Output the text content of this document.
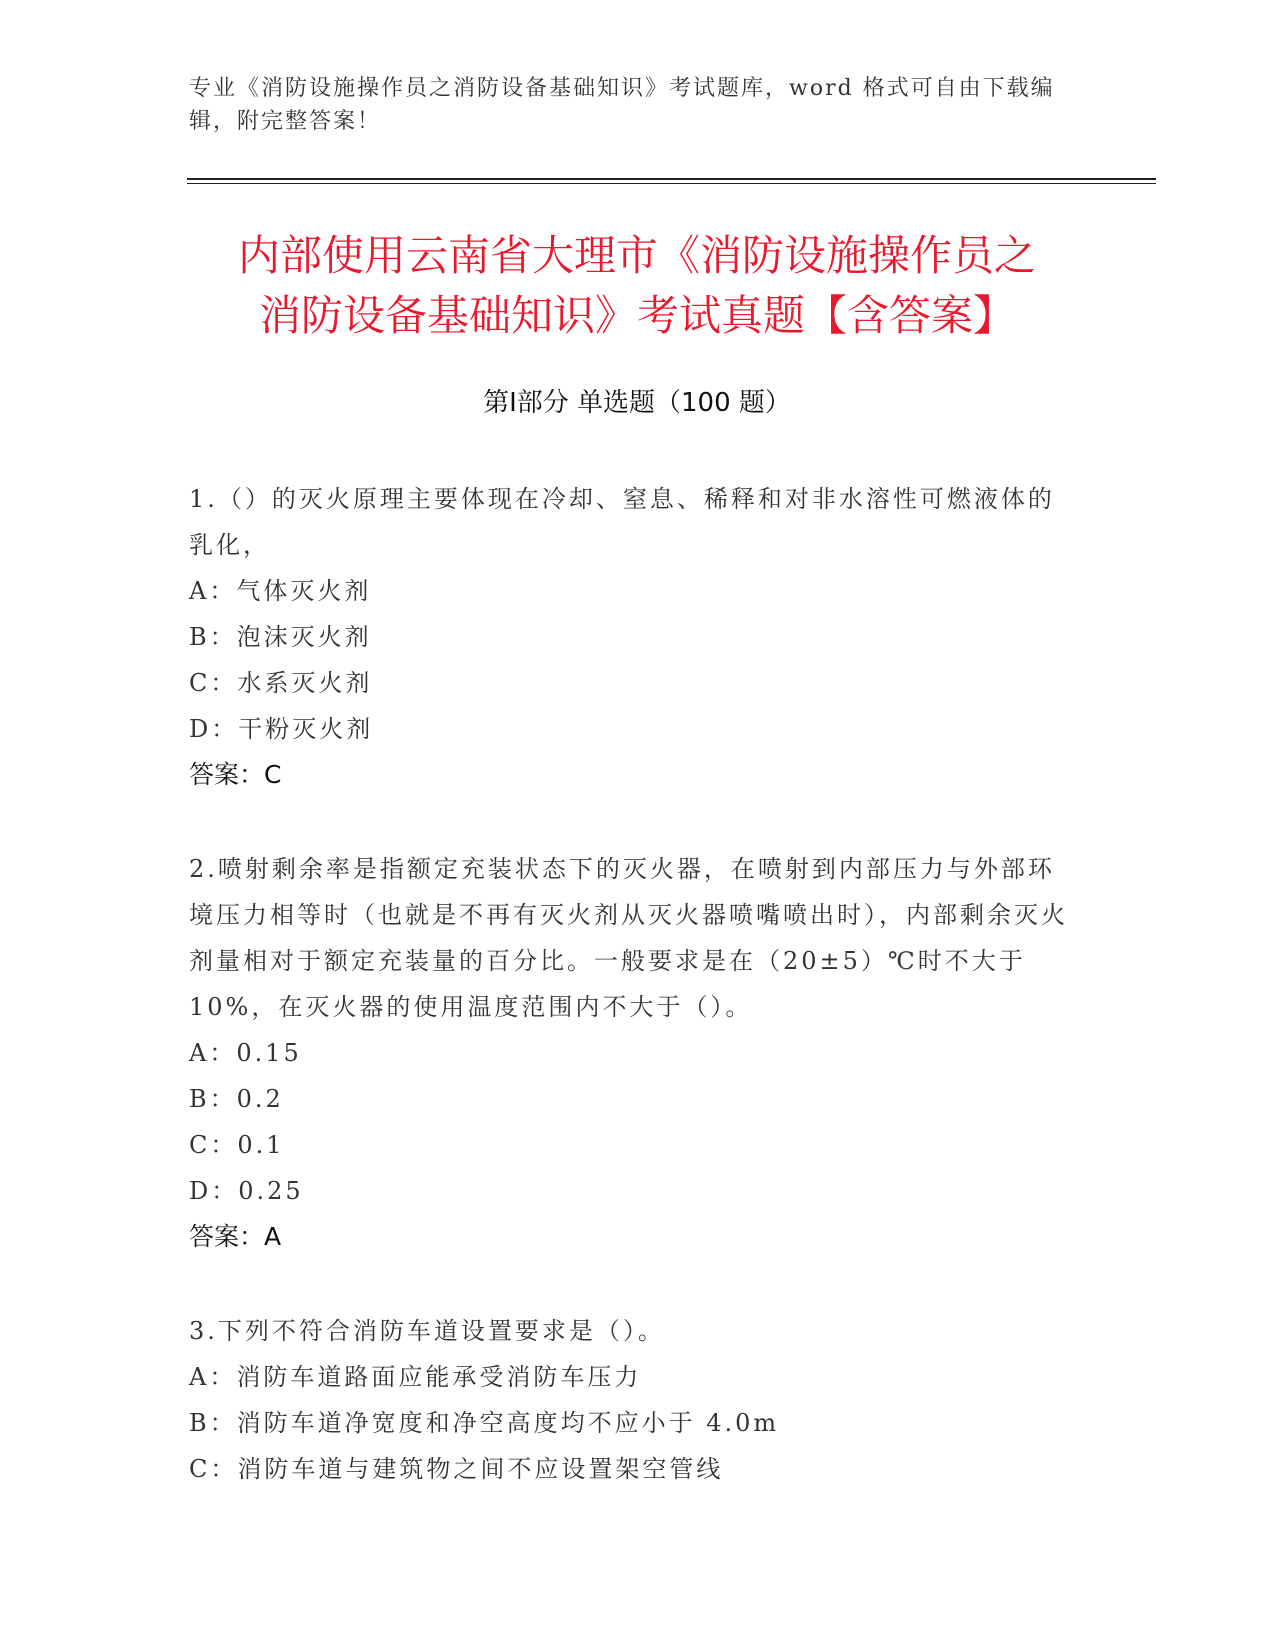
专业《消防设施操作员之消防设备基础知识》考试题库，word 格式可自由下载编辑，附完整答案！
内部使用云南省大理市《消防设施操作员之
消防设备基础知识》考试真题【含答案】
第Ⅰ部分 单选题（100 题）
1.（）的灭火原理主要体现在冷却、窒息、稀释和对非水溶性可燃液体的乳化，
A：气体灭火剂
B：泡沫灭火剂
C：水系灭火剂
D：干粉灭火剂
答案：C
2.喷射剩余率是指额定充装状态下的灭火器，在喷射到内部压力与外部环境压力相等时（也就是不再有灭火剂从灭火器喷嘴喷出时），内部剩余灭火剂量相对于额定充装量的百分比。一般要求是在（20±5）℃时不大于 10%，在灭火器的使用温度范围内不大于（）。
A：0.15
B：0.2
C：0.1
D：0.25
答案：A
3.下列不符合消防车道设置要求是（）。
A：消防车道路面应能承受消防车压力
B：消防车道净宽度和净空高度均不应小于 4.0m
C：消防车道与建筑物之间不应设置架空管线
